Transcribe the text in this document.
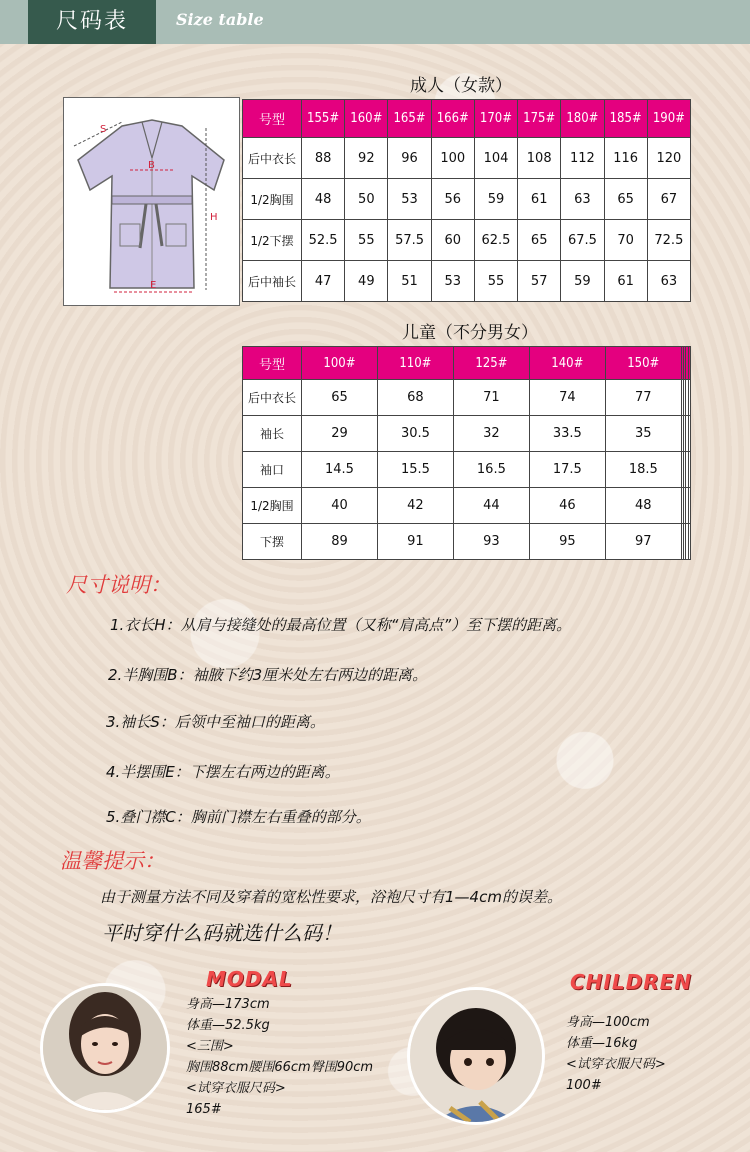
尺码表	Size table
成人（女款）
S
B
H
E
号型	155#	160#	165#	166#	170#	175#	180#	185#	190#
后中衣长	88	92	96	100	104	108	112	116	120
1/2胸围	48	50	53	56	59	61	63	65	67
1/2下摆	52.5	55	57.5	60	62.5	65	67.5	70	72.5
后中袖长	47	49	51	53	55	57	59	61	63
儿童（不分男女）
号型	100#	110#	125#	140#	150#				
后中衣长	65	68	71	74	77				
袖长	29	30.5	32	33.5	35				
袖口	14.5	15.5	16.5	17.5	18.5				
1/2胸围	40	42	44	46	48				
下摆	89	91	93	95	97				
尺寸说明：
1.衣长H：从肩与接缝处的最高位置（又称“肩高点”）至下摆的距离。
2.半胸围B：袖腋下约3厘米处左右两边的距离。
3.袖长S：后领中至袖口的距离。
4.半摆围E：下摆左右两边的距离。
5.叠门襟C：胸前门襟左右重叠的部分。
温馨提示：
由于测量方法不同及穿着的宽松性要求，浴袍尺寸有1—4cm的误差。
平时穿什么码就选什么码！
MODAL
身高—173cm
体重—52.5kg
<三围>
胸围88cm腰围66cm臀围90cm
<试穿衣服尺码>
165#
CHILDREN
身高—100cm
体重—16kg
<试穿衣服尺码>
100#
